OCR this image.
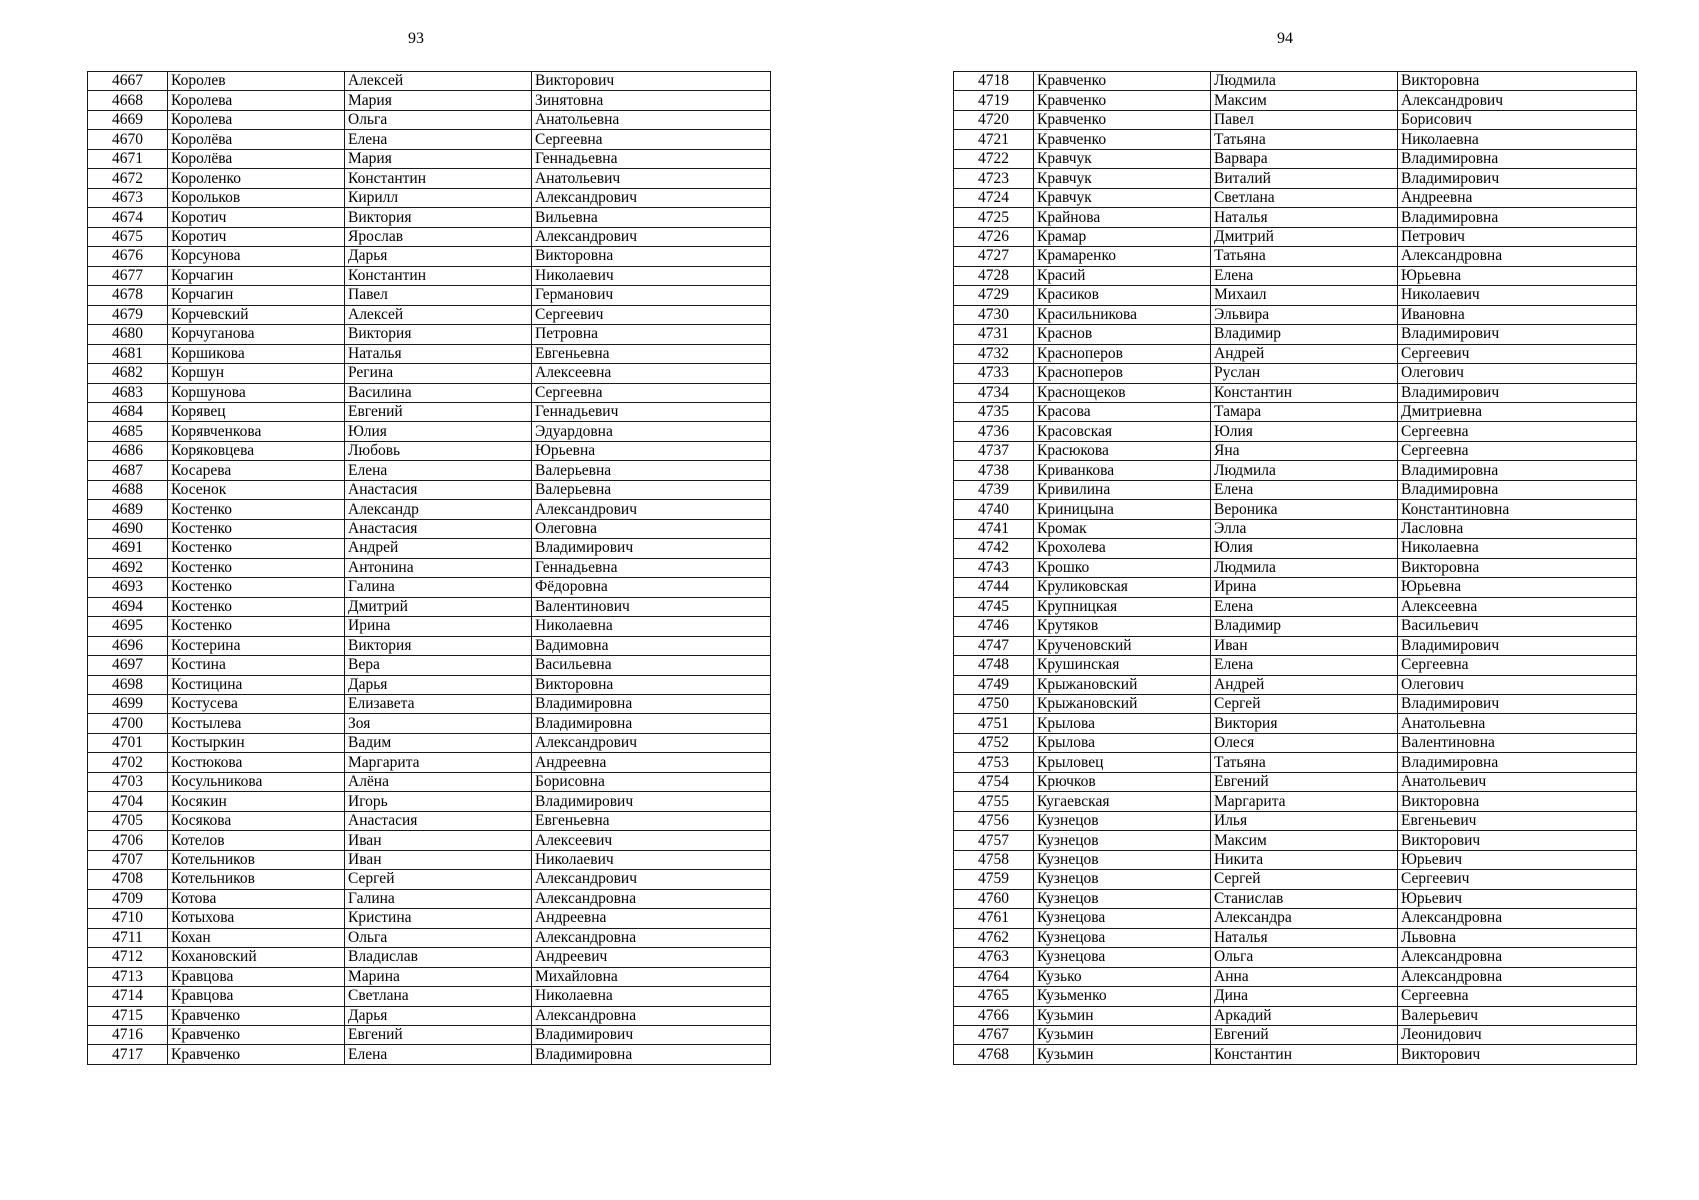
93
4667	Королев	Алексей	Викторович
4668	Королева	Мария	Зинятовна
4669	Королева	Ольга	Анатольевна
4670	Королёва	Елена	Сергеевна
4671	Королёва	Мария	Геннадьевна
4672	Короленко	Константин	Анатольевич
4673	Корольков	Кирилл	Александрович
4674	Коротич	Виктория	Вильевна
4675	Коротич	Ярослав	Александрович
4676	Корсунова	Дарья	Викторовна
4677	Корчагин	Константин	Николаевич
4678	Корчагин	Павел	Германович
4679	Корчевский	Алексей	Сергеевич
4680	Корчуганова	Виктория	Петровна
4681	Коршикова	Наталья	Евгеньевна
4682	Коршун	Регина	Алексеевна
4683	Коршунова	Василина	Сергеевна
4684	Корявец	Евгений	Геннадьевич
4685	Корявченкова	Юлия	Эдуардовна
4686	Коряковцева	Любовь	Юрьевна
4687	Косарева	Елена	Валерьевна
4688	Косенок	Анастасия	Валерьевна
4689	Костенко	Александр	Александрович
4690	Костенко	Анастасия	Олеговна
4691	Костенко	Андрей	Владимирович
4692	Костенко	Антонина	Геннадьевна
4693	Костенко	Галина	Фёдоровна
4694	Костенко	Дмитрий	Валентинович
4695	Костенко	Ирина	Николаевна
4696	Костерина	Виктория	Вадимовна
4697	Костина	Вера	Васильевна
4698	Костицина	Дарья	Викторовна
4699	Костусева	Елизавета	Владимировна
4700	Костылева	Зоя	Владимировна
4701	Костыркин	Вадим	Александрович
4702	Костюкова	Маргарита	Андреевна
4703	Косульникова	Алёна	Борисовна
4704	Косякин	Игорь	Владимирович
4705	Косякова	Анастасия	Евгеньевна
4706	Котелов	Иван	Алексеевич
4707	Котельников	Иван	Николаевич
4708	Котельников	Сергей	Александрович
4709	Котова	Галина	Александровна
4710	Котыхова	Кристина	Андреевна
4711	Кохан	Ольга	Александровна
4712	Кохановский	Владислав	Андреевич
4713	Кравцова	Марина	Михайловна
4714	Кравцова	Светлана	Николаевна
4715	Кравченко	Дарья	Александровна
4716	Кравченко	Евгений	Владимирович
4717	Кравченко	Елена	Владимировна
94
4718	Кравченко	Людмила	Викторовна
4719	Кравченко	Максим	Александрович
4720	Кравченко	Павел	Борисович
4721	Кравченко	Татьяна	Николаевна
4722	Кравчук	Варвара	Владимировна
4723	Кравчук	Виталий	Владимирович
4724	Кравчук	Светлана	Андреевна
4725	Крайнова	Наталья	Владимировна
4726	Крамар	Дмитрий	Петрович
4727	Крамаренко	Татьяна	Александровна
4728	Красий	Елена	Юрьевна
4729	Красиков	Михаил	Николаевич
4730	Красильникова	Эльвира	Ивановна
4731	Краснов	Владимир	Владимирович
4732	Красноперов	Андрей	Сергеевич
4733	Красноперов	Руслан	Олегович
4734	Краснощеков	Константин	Владимирович
4735	Красова	Тамара	Дмитриевна
4736	Красовская	Юлия	Сергеевна
4737	Красюкова	Яна	Сергеевна
4738	Криванкова	Людмила	Владимировна
4739	Кривилина	Елена	Владимировна
4740	Криницына	Вероника	Константиновна
4741	Кромак	Элла	Ласловна
4742	Крохолева	Юлия	Николаевна
4743	Крошко	Людмила	Викторовна
4744	Круликовская	Ирина	Юрьевна
4745	Крупницкая	Елена	Алексеевна
4746	Крутяков	Владимир	Васильевич
4747	Крученовский	Иван	Владимирович
4748	Крушинская	Елена	Сергеевна
4749	Крыжановский	Андрей	Олегович
4750	Крыжановский	Сергей	Владимирович
4751	Крылова	Виктория	Анатольевна
4752	Крылова	Олеся	Валентиновна
4753	Крыловец	Татьяна	Владимировна
4754	Крючков	Евгений	Анатольевич
4755	Кугаевская	Маргарита	Викторовна
4756	Кузнецов	Илья	Евгеньевич
4757	Кузнецов	Максим	Викторович
4758	Кузнецов	Никита	Юрьевич
4759	Кузнецов	Сергей	Сергеевич
4760	Кузнецов	Станислав	Юрьевич
4761	Кузнецова	Александра	Александровна
4762	Кузнецова	Наталья	Львовна
4763	Кузнецова	Ольга	Александровна
4764	Кузько	Анна	Александровна
4765	Кузьменко	Дина	Сергеевна
4766	Кузьмин	Аркадий	Валерьевич
4767	Кузьмин	Евгений	Леонидович
4768	Кузьмин	Константин	Викторович
